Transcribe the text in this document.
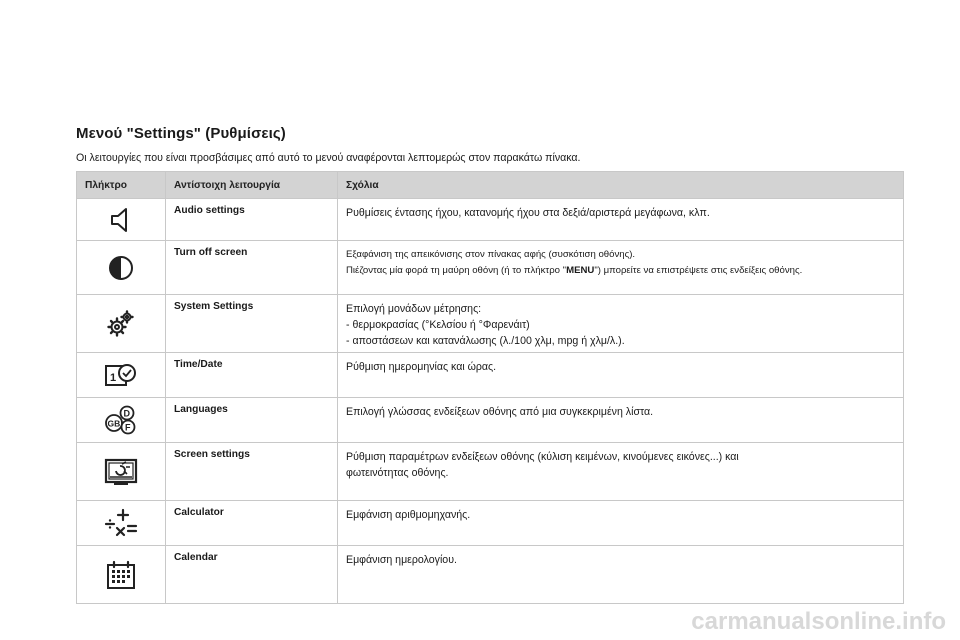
Μενού "Settings" (Ρυθμίσεις)
Οι λειτουργίες που είναι προσβάσιμες από αυτό το μενού αναφέρονται λεπτομερώς στον παρακάτω πίνακα.
Πλήκτρο	Αντίστοιχη λειτουργία	Σχόλια
	Audio settings	Ρυθμίσεις έντασης ήχου, κατανομής ήχου στα δεξιά/αριστερά μεγάφωνα, κλπ.

	Turn off screen	Εξαφάνιση της απεικόνισης στον πίνακας αφής (συσκότιση οθόνης).
Πιέζοντας μία φορά τη μαύρη οθόνη (ή το πλήκτρο "MENU") μπορείτε να επιστρέψετε στις ενδείξεις οθόνης.

	System Settings	Επιλογή μονάδων μέτρησης:
- θερμοκρασίας (°Κελσίου ή °Φαρενάιτ)
- αποστάσεων και κατανάλωσης (λ./100 χλμ, mpg ή χλμ/λ.).

1	Time/Date	Ρύθμιση ημερομηνίας και ώρας.

D
GB F	Languages	Επιλογή γλώσσας ενδείξεων οθόνης από μια συγκεκριμένη λίστα.

	Screen settings	Ρύθμιση παραμέτρων ενδείξεων οθόνης (κύλιση κειμένων, κινούμενες εικόνες...) και
φωτεινότητας οθόνης.

	Calculator	Εμφάνιση αριθμομηχανής.

	Calendar	Εμφάνιση ημερολογίου.
carmanualsonline.info
